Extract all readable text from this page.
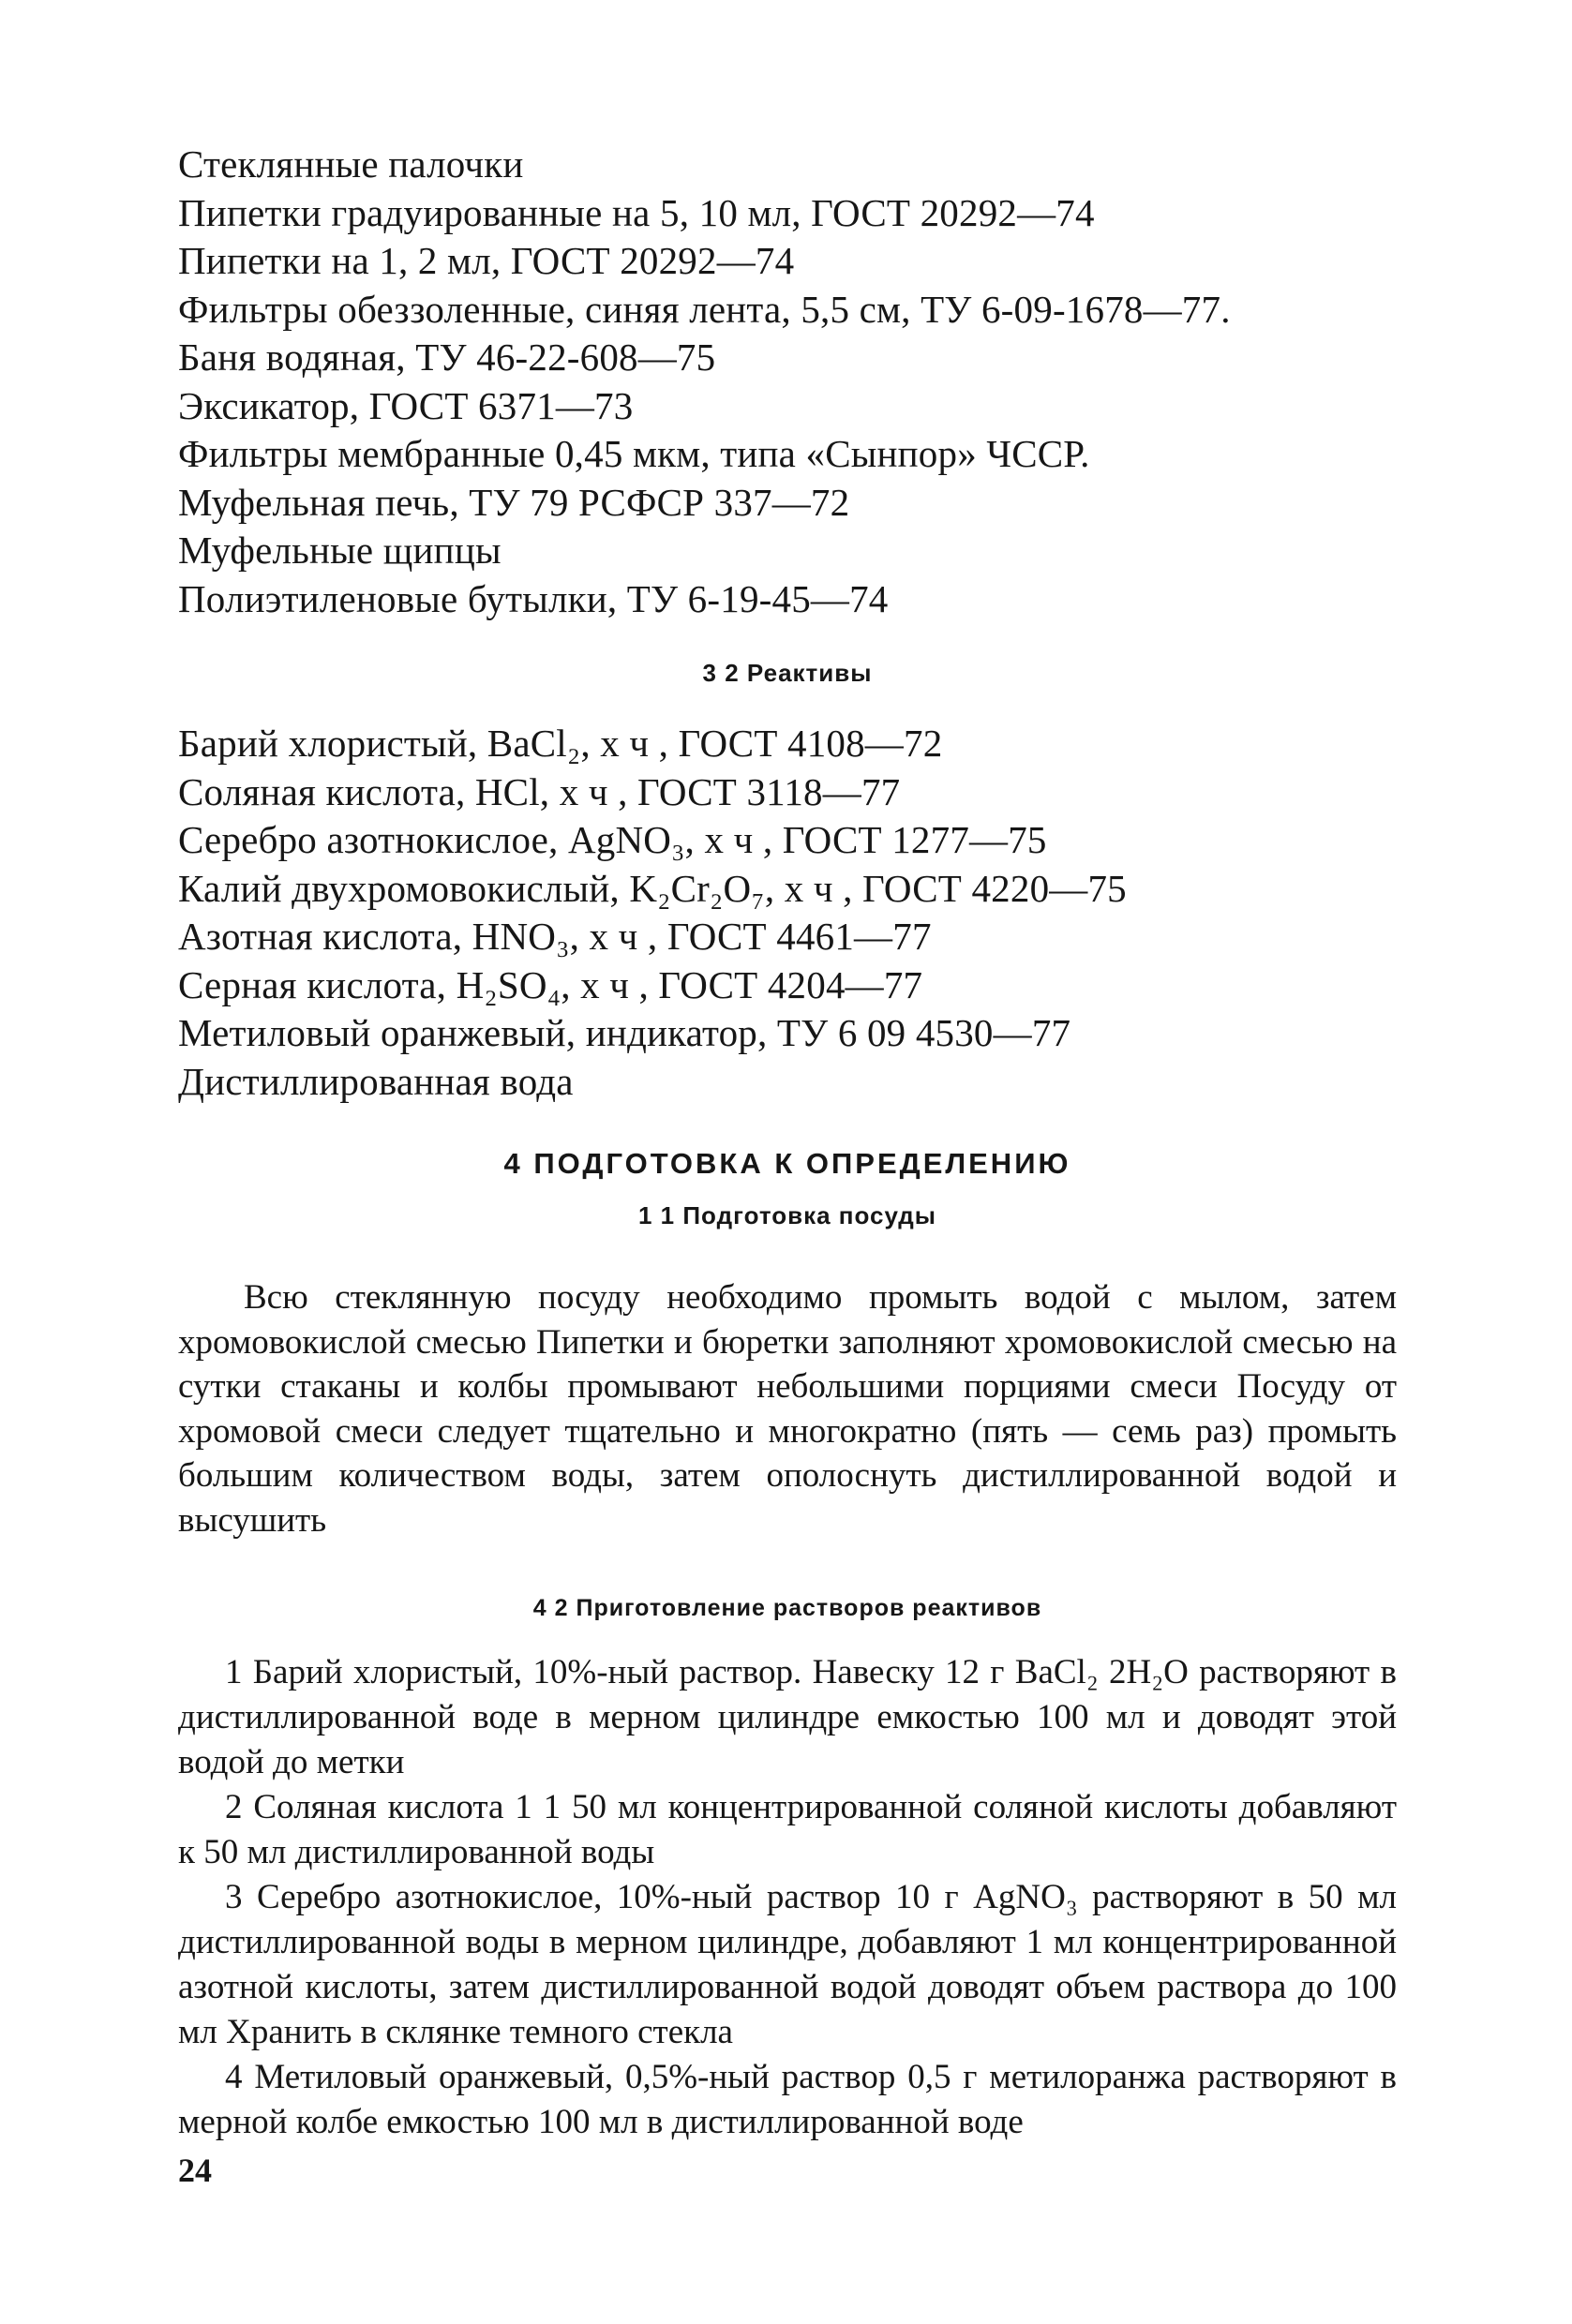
Стеклянные палочки
Пипетки градуированные на 5, 10 мл, ГОСТ 20292—74
Пипетки на 1, 2 мл, ГОСТ 20292—74
Фильтры обеззоленные, синяя лента, 5,5 см, ТУ 6-09-1678—77.
Баня водяная, ТУ 46-22-608—75
Эксикатор, ГОСТ 6371—73
Фильтры мембранные 0,45 мкм, типа «Сынпор» ЧССР.
Муфельная печь, ТУ 79 РСФСР 337—72
Муфельные щипцы
Полиэтиленовые бутылки, ТУ 6-19-45—74
3 2 Реактивы
Барий хлористый, BaCl₂, х ч , ГОСТ 4108—72
Соляная кислота, HCl, х ч , ГОСТ 3118—77
Серебро азотнокислое, AgNO₃, х ч , ГОСТ 1277—75
Калий двухромовокислый, K₂Cr₂O₇, х ч , ГОСТ 4220—75
Азотная кислота, HNO₃, х ч , ГОСТ 4461—77
Серная кислота, H₂SO₄, х ч , ГОСТ 4204—77
Метиловый оранжевый, индикатор, ТУ 6 09 4530—77
Дистиллированная вода
4 ПОДГОТОВКА К ОПРЕДЕЛЕНИЮ
1 1 Подготовка посуды

Всю стеклянную посуду необходимо промыть водой с мылом, затем хромовокислой смесью Пипетки и бюретки заполняют хромовокислой смесью на сутки стаканы и колбы промывают небольшими порциями смеси Посуду от хромовой смеси следует тщательно и многократно (пять — семь раз) промыть большим количеством воды, затем ополоснуть дистиллированной водой и высушить

4 2 Приготовление растворов реактивов

1 Барий хлористый, 10%-ный раствор. Навеску 12 г BaCl₂ 2H₂O растворяют в дистиллированной воде в мерном цилиндре емкостью 100 мл и доводят этой водой до метки

2 Соляная кислота 1 1 50 мл концентрированной соляной кислоты добавляют к 50 мл дистиллированной воды

3 Серебро азотнокислое, 10%-ный раствор 10 г AgNO₃ растворяют в 50 мл дистиллированной воды в мерном цилиндре, добавляют 1 мл концентрированной азотной кислоты, затем дистиллированной водой доводят объем раствора до 100 мл Хранить в склянке темного стекла

4 Метиловый оранжевый, 0,5%-ный раствор 0,5 г метилоранжа растворяют в мерной колбе емкостью 100 мл в дистиллированной воде

24
